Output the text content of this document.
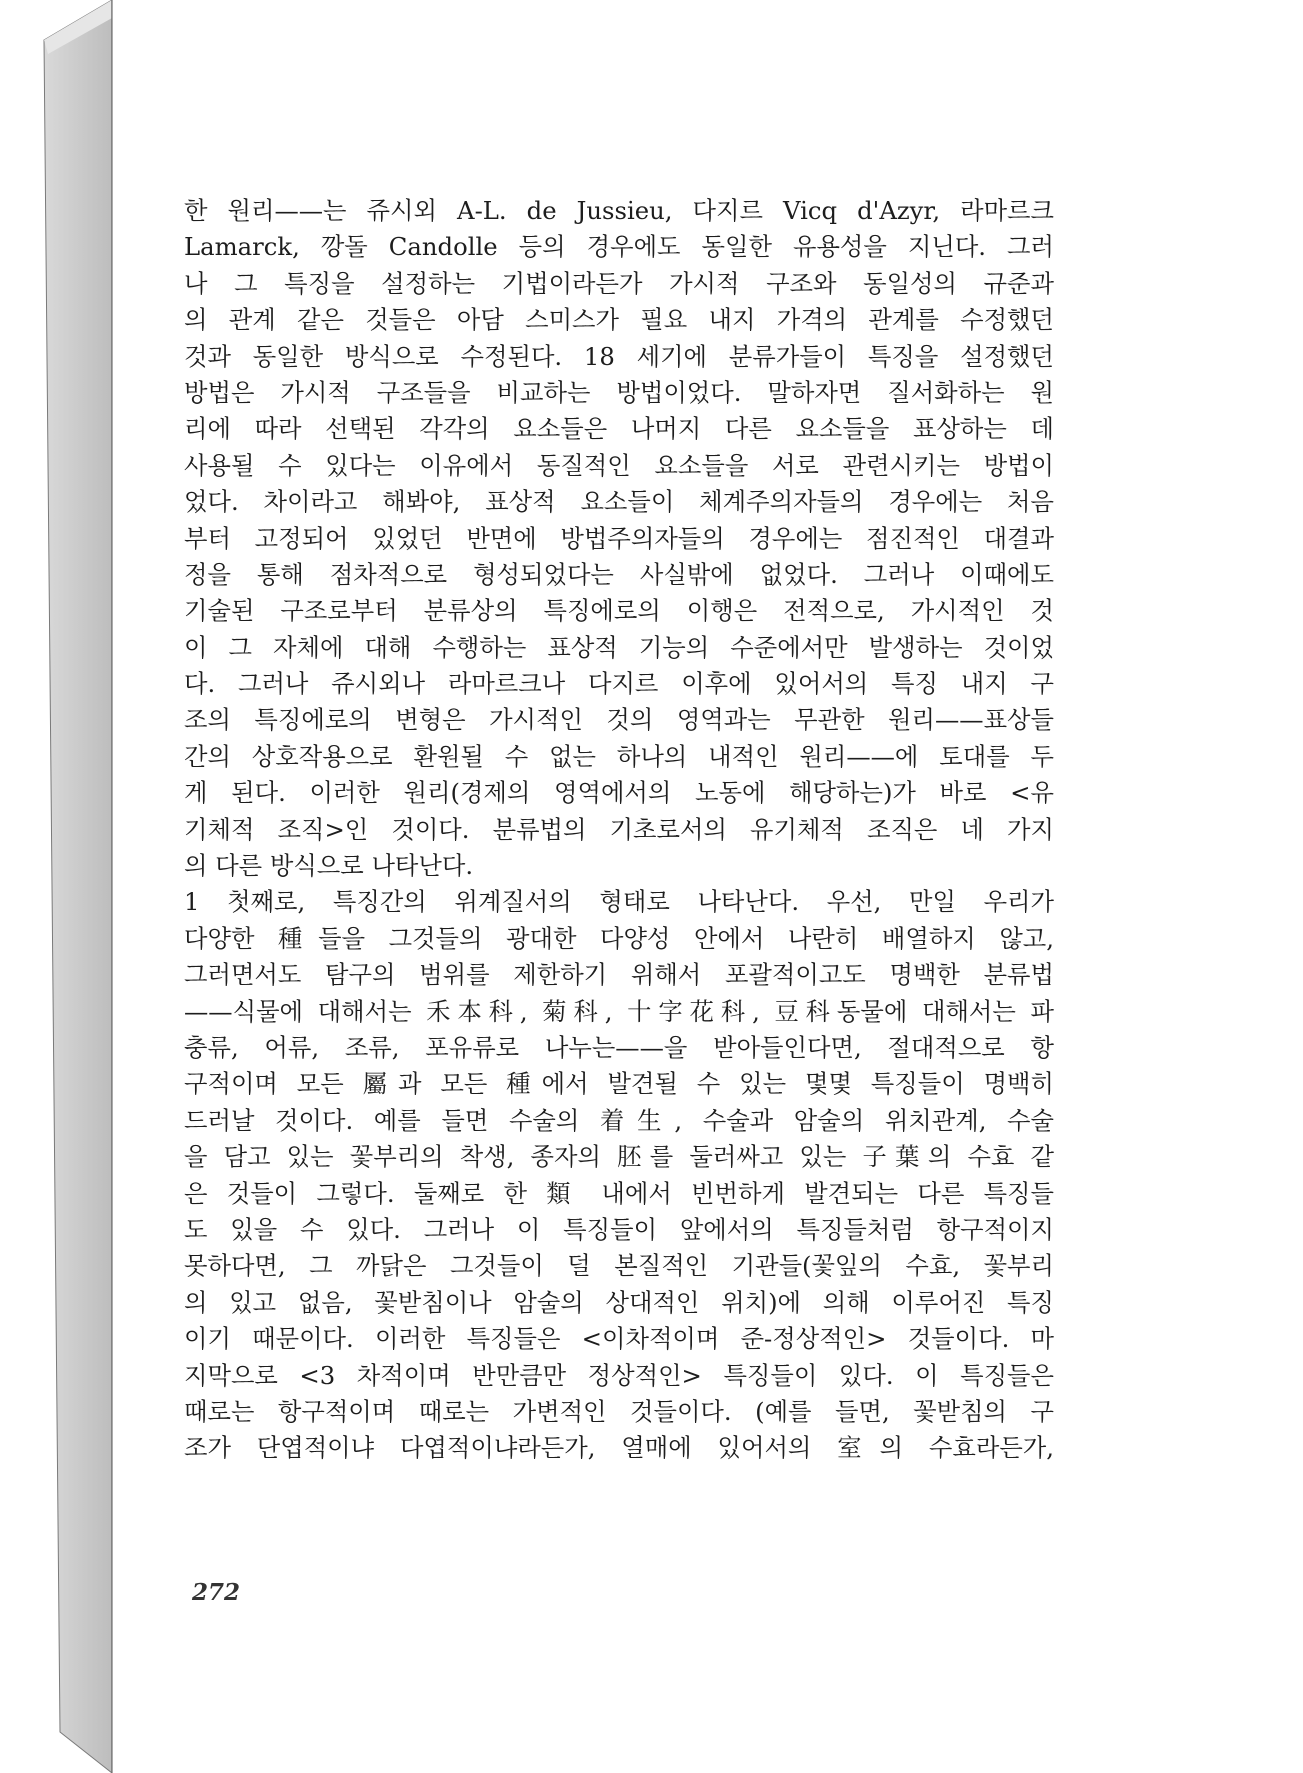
한 원리——는 쥬시외 A-L. de Jussieu, 다지르 Vicq d'Azyr, 라마르크
Lamarck, 깡돌 Candolle 등의 경우에도 동일한 유용성을 지닌다. 그러
나 그 특징을 설정하는 기법이라든가 가시적 구조와 동일성의 규준과
의 관계 같은 것들은 아담 스미스가 필요 내지 가격의 관계를 수정했던
것과 동일한 방식으로 수정된다. 18 세기에 분류가들이 특징을 설정했던
방법은 가시적 구조들을 비교하는 방법이었다. 말하자면 질서화하는 원
리에 따라 선택된 각각의 요소들은 나머지 다른 요소들을 표상하는 데
사용될 수 있다는 이유에서 동질적인 요소들을 서로 관련시키는 방법이
었다. 차이라고 해봐야, 표상적 요소들이 체계주의자들의 경우에는 처음
부터 고정되어 있었던 반면에 방법주의자들의 경우에는 점진적인 대결과
정을 통해 점차적으로 형성되었다는 사실밖에 없었다. 그러나 이때에도
기술된 구조로부터 분류상의 특징에로의 이행은 전적으로, 가시적인 것
이 그 자체에 대해 수행하는 표상적 기능의 수준에서만 발생하는 것이었
다. 그러나 쥬시외나 라마르크나 다지르 이후에 있어서의 특징 내지 구
조의 특징에로의 변형은 가시적인 것의 영역과는 무관한 원리——표상들
간의 상호작용으로 환원될 수 없는 하나의 내적인 원리——에 토대를 두
게 된다. 이러한 원리(경제의 영역에서의 노동에 해당하는)가 바로 <유
기체적 조직>인 것이다. 분류법의 기초로서의 유기체적 조직은 네 가지
의 다른 방식으로 나타난다.
1 첫째로, 특징간의 위계질서의 형태로 나타난다. 우선, 만일 우리가
다양한 種들을 그것들의 광대한 다양성 안에서 나란히 배열하지 않고,
그러면서도 탐구의 범위를 제한하기 위해서 포괄적이고도 명백한 분류법
——식물에 대해서는 禾本科, 菊科, 十字花科, 豆科동물에 대해서는 파
충류, 어류, 조류, 포유류로 나누는——을 받아들인다면, 절대적으로 항
구적이며 모든 屬과 모든 種에서 발견될 수 있는 몇몇 특징들이 명백히
드러날 것이다. 예를 들면 수술의 着生, 수술과 암술의 위치관계, 수술
을 담고 있는 꽃부리의 착생, 종자의 胚를 둘러싸고 있는 子葉의 수효 같
은 것들이 그렇다. 둘째로 한 類 내에서 빈번하게 발견되는 다른 특징들
도 있을 수 있다. 그러나 이 특징들이 앞에서의 특징들처럼 항구적이지
못하다면, 그 까닭은 그것들이 덜 본질적인 기관들(꽃잎의 수효, 꽃부리
의 있고 없음, 꽃받침이나 암술의 상대적인 위치)에 의해 이루어진 특징
이기 때문이다. 이러한 특징들은 <이차적이며 준-정상적인> 것들이다. 마
지막으로 <3 차적이며 반만큼만 정상적인> 특징들이 있다. 이 특징들은
때로는 항구적이며 때로는 가변적인 것들이다. (예를 들면, 꽃받침의 구
조가 단엽적이냐 다엽적이냐라든가, 열매에 있어서의 室의 수효라든가,
272
